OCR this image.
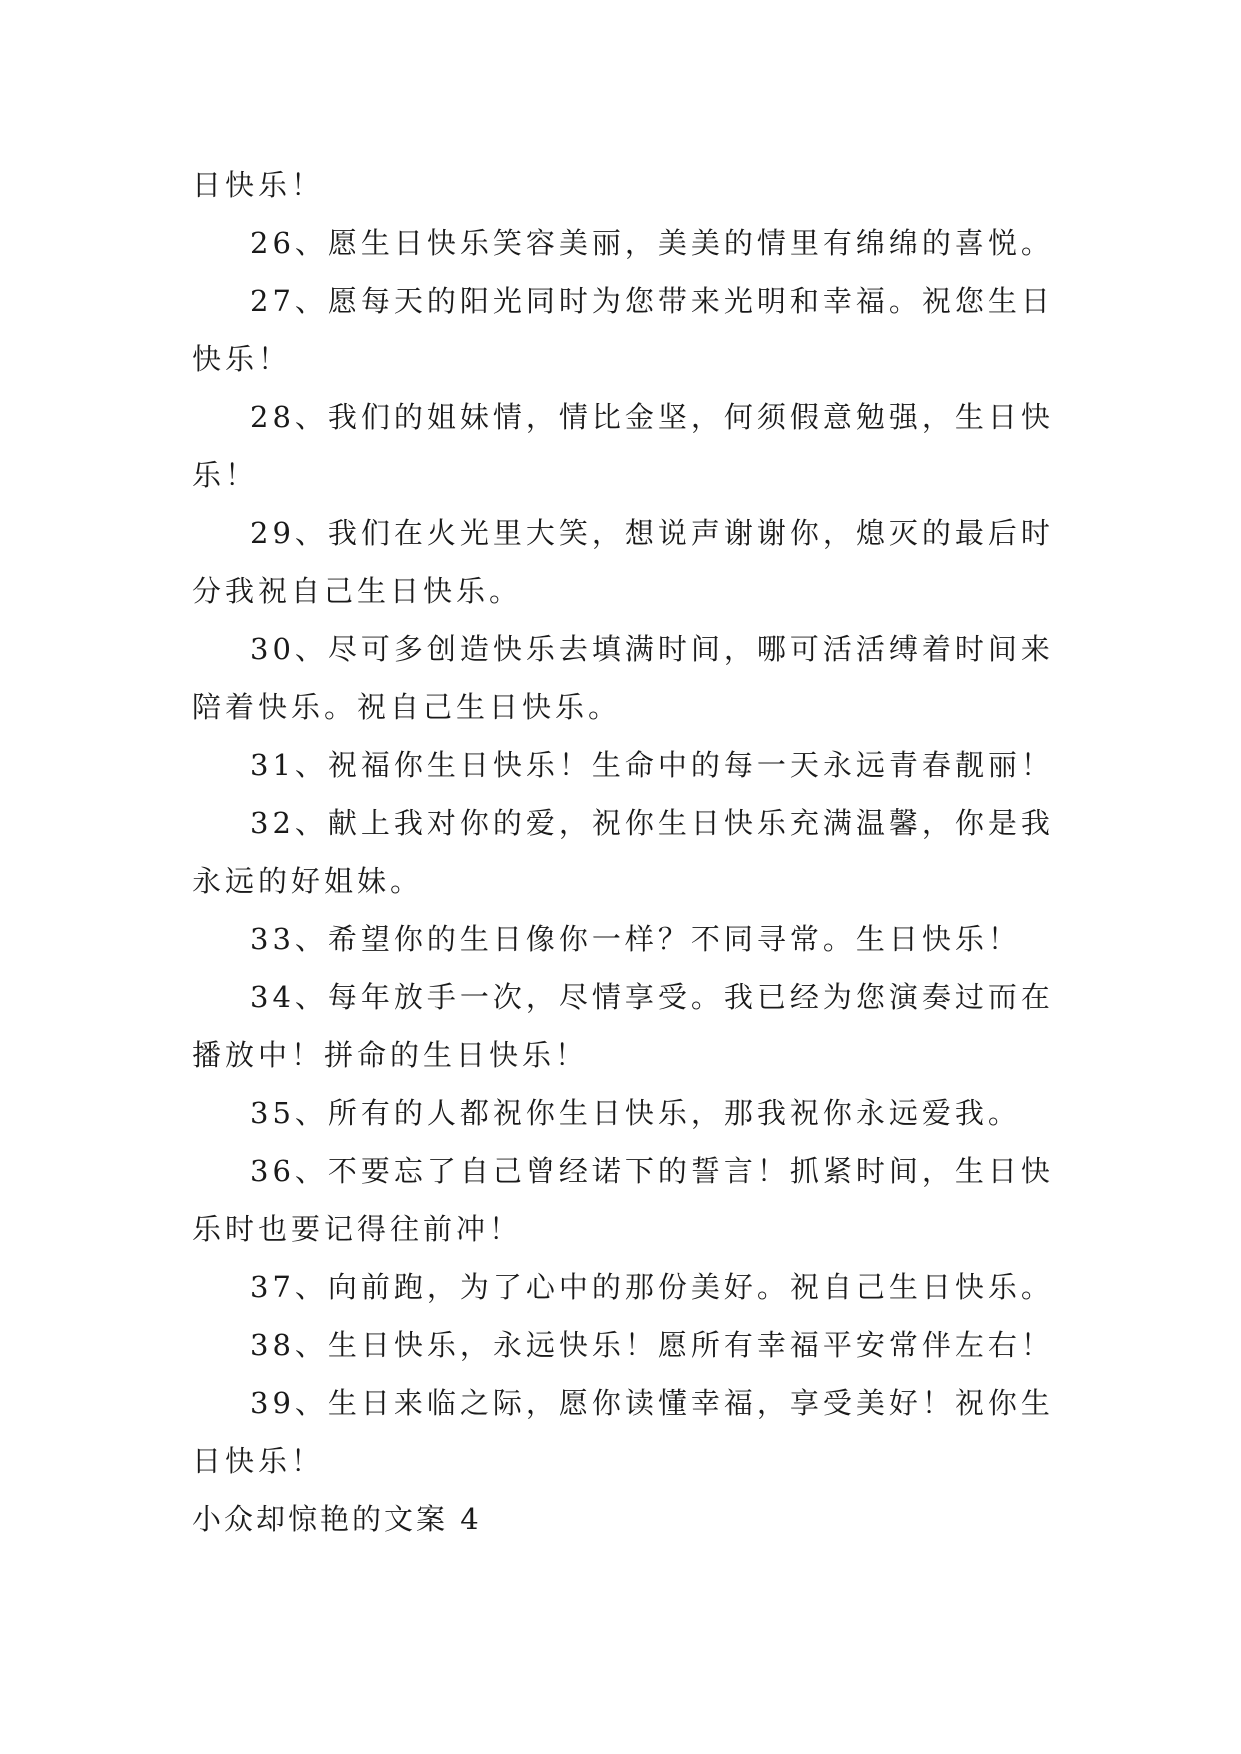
日快乐！
26、愿生日快乐笑容美丽，美美的情里有绵绵的喜悦。
27、愿每天的阳光同时为您带来光明和幸福。祝您生日
快乐！
28、我们的姐妹情，情比金坚，何须假意勉强，生日快
乐！
29、我们在火光里大笑，想说声谢谢你，熄灭的最后时
分我祝自己生日快乐。
30、尽可多创造快乐去填满时间，哪可活活缚着时间来
陪着快乐。祝自己生日快乐。
31、祝福你生日快乐！生命中的每一天永远青春靓丽！
32、献上我对你的爱，祝你生日快乐充满温馨，你是我
永远的好姐妹。
33、希望你的生日像你一样？不同寻常。生日快乐！
34、每年放手一次，尽情享受。我已经为您演奏过而在
播放中！拼命的生日快乐！
35、所有的人都祝你生日快乐，那我祝你永远爱我。
36、不要忘了自己曾经诺下的誓言！抓紧时间，生日快
乐时也要记得往前冲！
37、向前跑，为了心中的那份美好。祝自己生日快乐。
38、生日快乐，永远快乐！愿所有幸福平安常伴左右！
39、生日来临之际，愿你读懂幸福，享受美好！祝你生
日快乐！
小众却惊艳的文案 4
